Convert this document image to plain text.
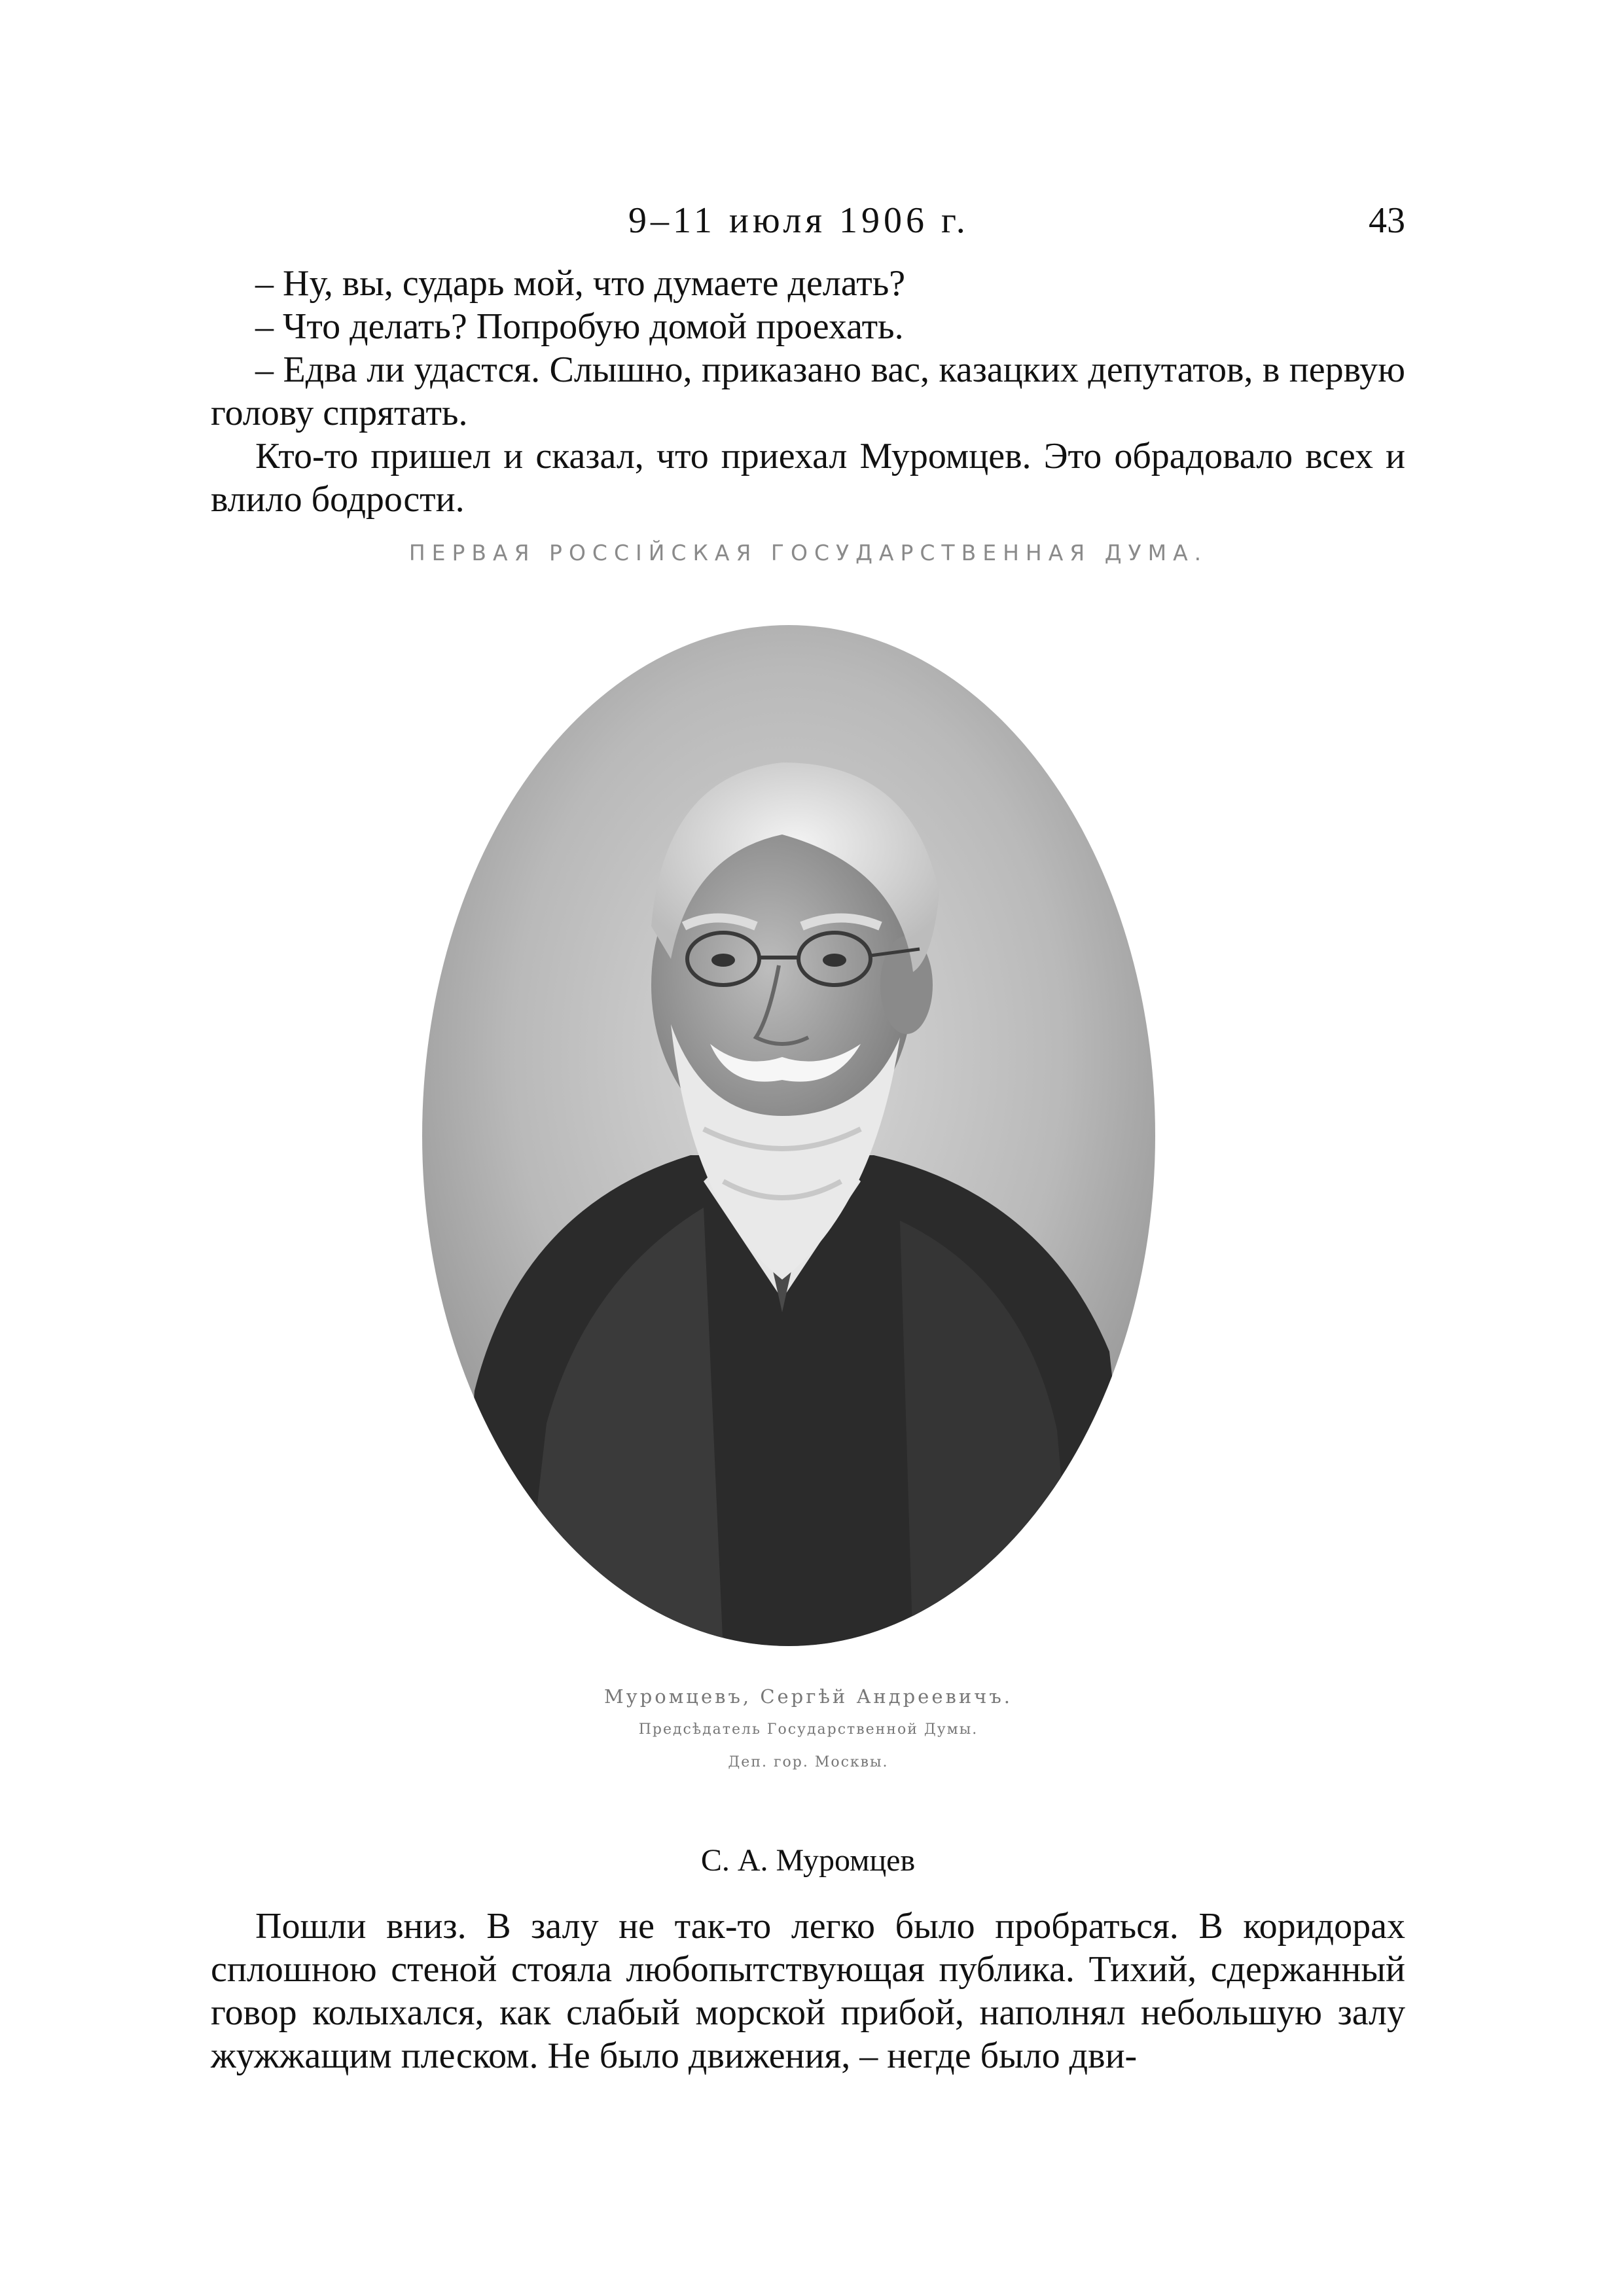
9–11 июля 1906 г.	43

– Ну, вы, сударь мой, что думаете делать?

– Что делать? Попробую домой проехать.

– Едва ли удастся. Слышно, приказано вас, казацких депутатов, в первую голову спрятать.

Кто-то пришел и сказал, что приехал Муромцев. Это обрадовало всех и влило бодрости.

ПЕРВАЯ РОССІЙСКАЯ ГОСУДАРСТВЕННАЯ ДУМА.
Муромцевъ, Сергѣй Андреевичъ.
Предсѣдатель Государственной Думы.
Деп. гор. Москвы.
С. А. Муромцев

Пошли вниз. В залу не так-то легко было пробраться. В коридорах сплошною стеной стояла любопытствующая публика. Тихий, сдержанный говор колыхался, как слабый морской прибой, наполнял небольшую залу жужжащим плеском. Не было движения, – негде было дви-
